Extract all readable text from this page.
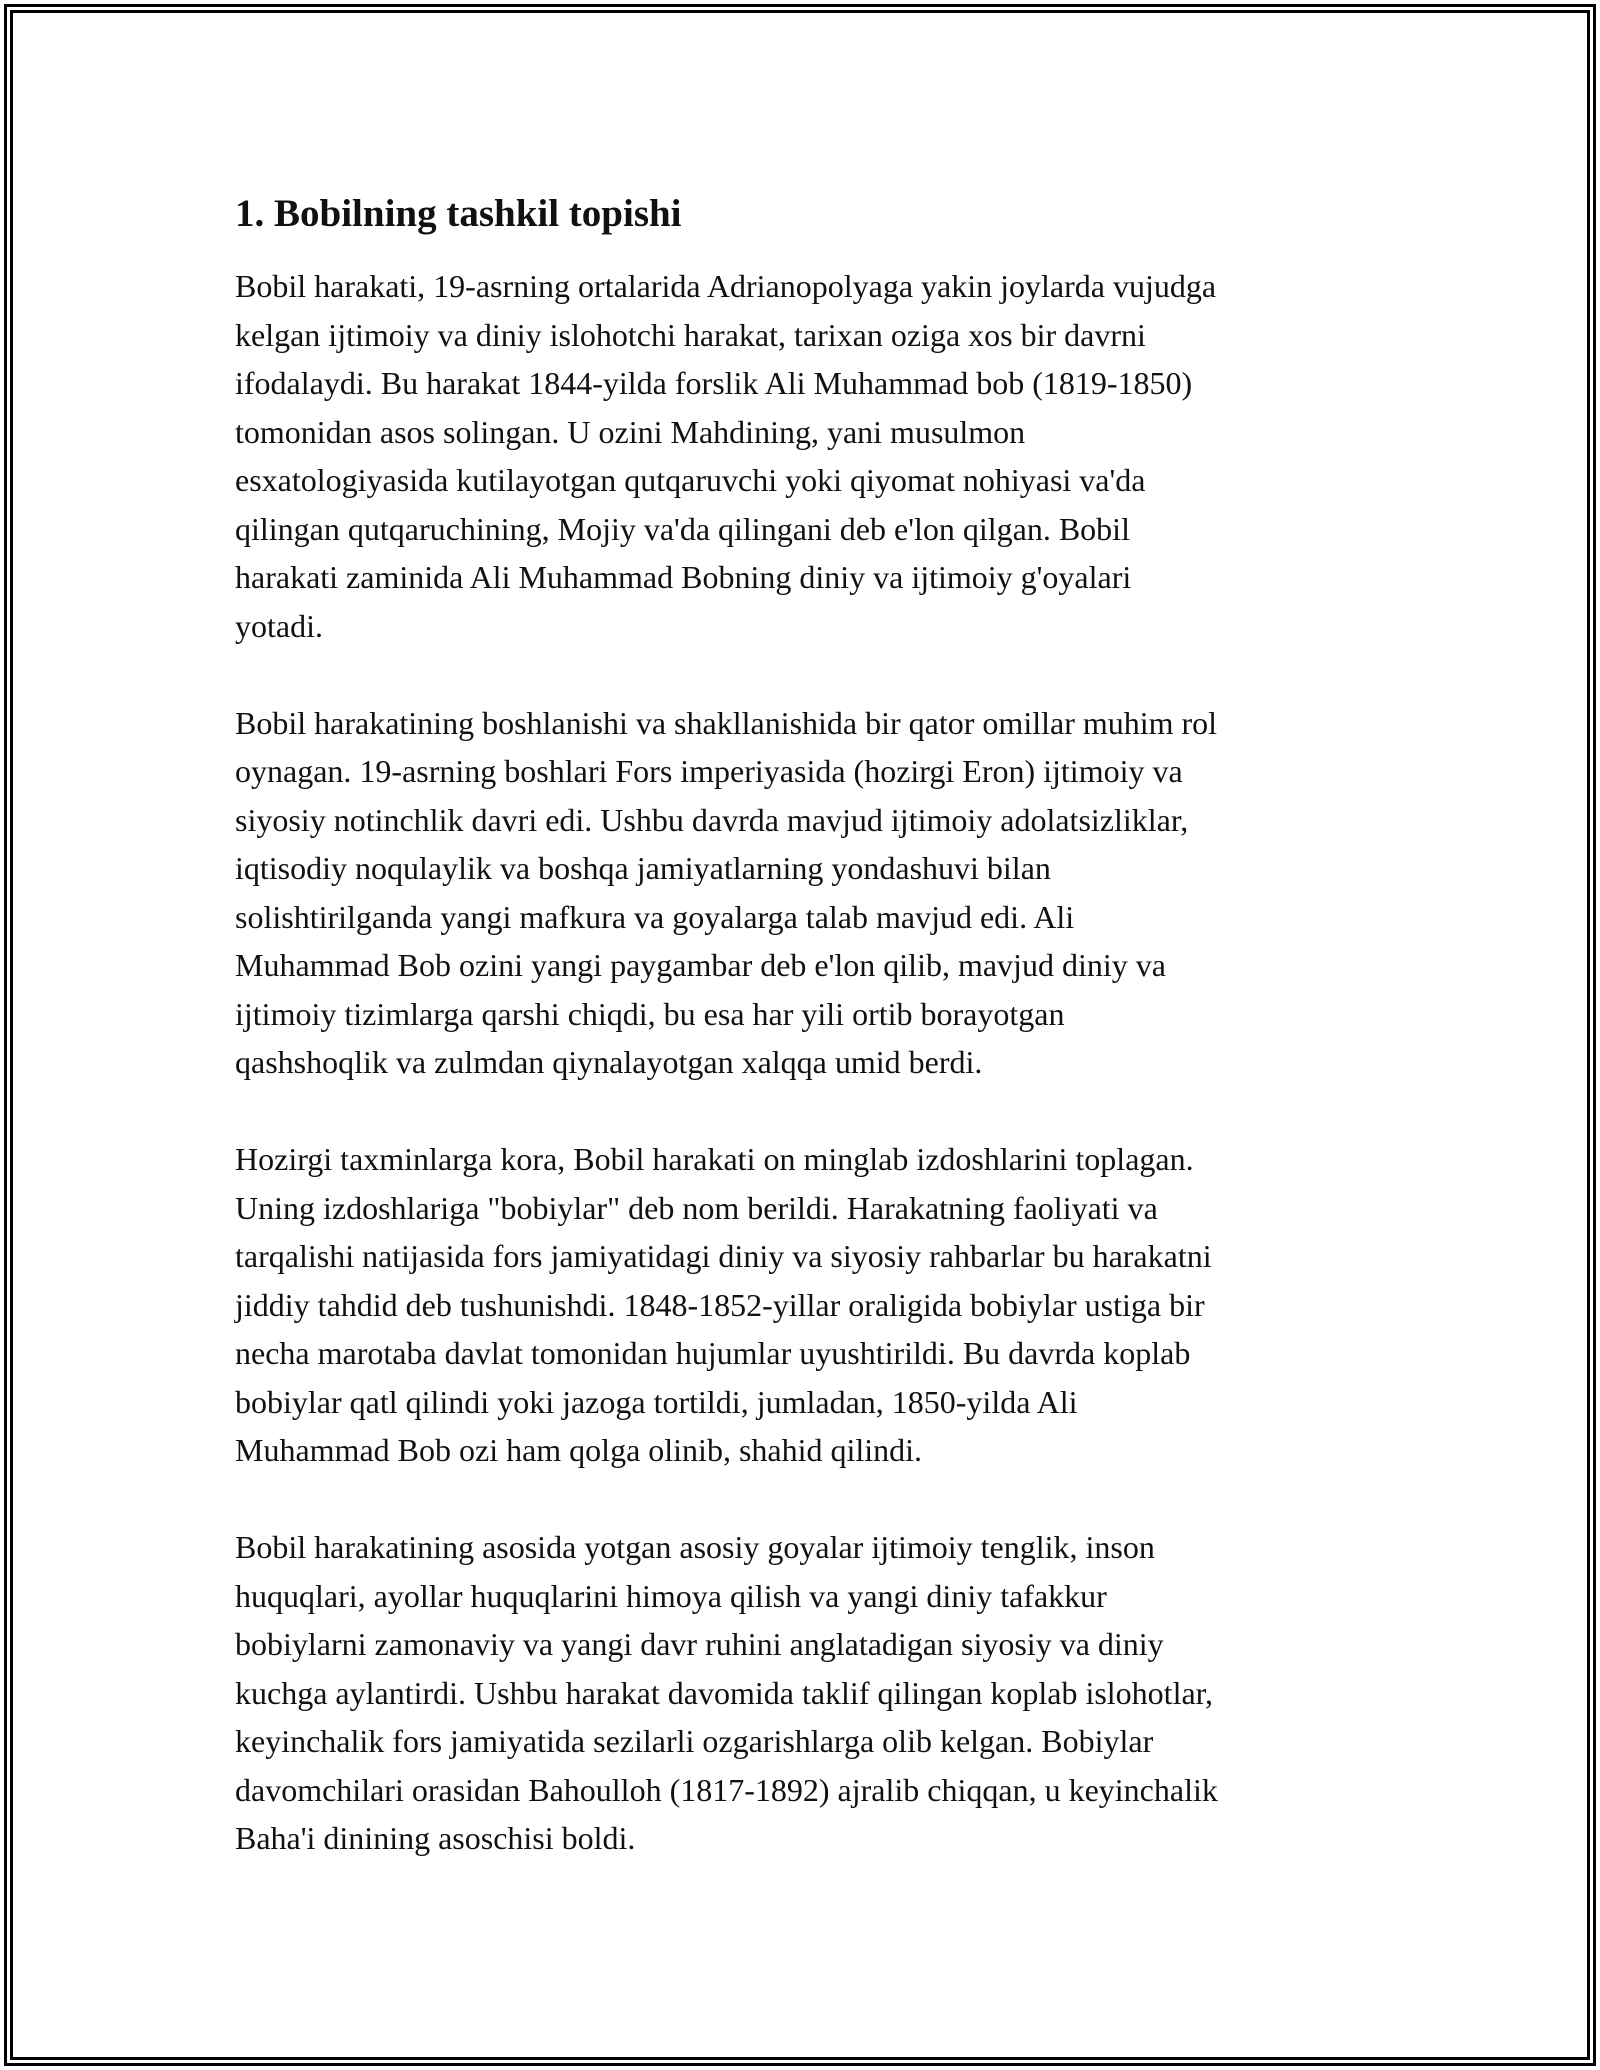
1. Bobilning tashkil topishi

Bobil harakati, 19-asrning ortalarida Adrianopolyaga yakin joylarda vujudga
kelgan ijtimoiy va diniy islohotchi harakat, tarixan oziga xos bir davrni
ifodalaydi. Bu harakat 1844-yilda forslik Ali Muhammad bob (1819-1850)
tomonidan asos solingan. U ozini Mahdining, yani musulmon
esxatologiyasida kutilayotgan qutqaruvchi yoki qiyomat nohiyasi va'da
qilingan qutqaruchining, Mojiy va'da qilingani deb e'lon qilgan. Bobil
harakati zaminida Ali Muhammad Bobning diniy va ijtimoiy g'oyalari
yotadi.

Bobil harakatining boshlanishi va shakllanishida bir qator omillar muhim rol
oynagan. 19-asrning boshlari Fors imperiyasida (hozirgi Eron) ijtimoiy va
siyosiy notinchlik davri edi. Ushbu davrda mavjud ijtimoiy adolatsizliklar,
iqtisodiy noqulaylik va boshqa jamiyatlarning yondashuvi bilan
solishtirilganda yangi mafkura va goyalarga talab mavjud edi. Ali
Muhammad Bob ozini yangi paygambar deb e'lon qilib, mavjud diniy va
ijtimoiy tizimlarga qarshi chiqdi, bu esa har yili ortib borayotgan
qashshoqlik va zulmdan qiynalayotgan xalqqa umid berdi.

Hozirgi taxminlarga kora, Bobil harakati on minglab izdoshlarini toplagan.
Uning izdoshlariga "bobiylar" deb nom berildi. Harakatning faoliyati va
tarqalishi natijasida fors jamiyatidagi diniy va siyosiy rahbarlar bu harakatni
jiddiy tahdid deb tushunishdi. 1848-1852-yillar oraligida bobiylar ustiga bir
necha marotaba davlat tomonidan hujumlar uyushtirildi. Bu davrda koplab
bobiylar qatl qilindi yoki jazoga tortildi, jumladan, 1850-yilda Ali
Muhammad Bob ozi ham qolga olinib, shahid qilindi.

Bobil harakatining asosida yotgan asosiy goyalar ijtimoiy tenglik, inson
huquqlari, ayollar huquqlarini himoya qilish va yangi diniy tafakkur
bobiylarni zamonaviy va yangi davr ruhini anglatadigan siyosiy va diniy
kuchga aylantirdi. Ushbu harakat davomida taklif qilingan koplab islohotlar,
keyinchalik fors jamiyatida sezilarli ozgarishlarga olib kelgan. Bobiylar
davomchilari orasidan Bahoulloh (1817-1892) ajralib chiqqan, u keyinchalik
Baha'i dinining asoschisi boldi.
